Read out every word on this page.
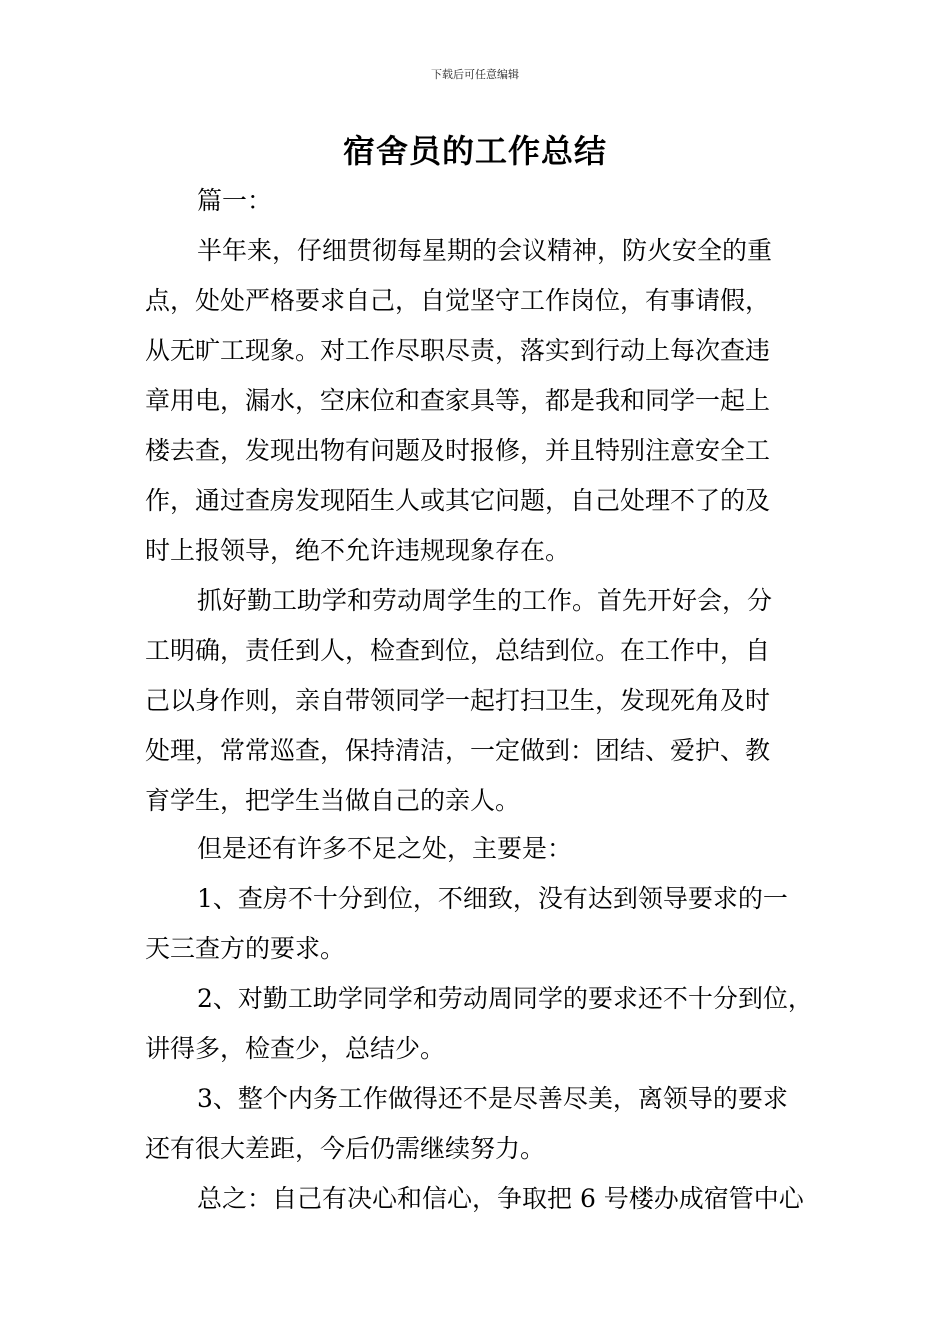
下载后可任意编辑
宿舍员的工作总结
篇一：
半年来，仔细贯彻每星期的会议精神，防火安全的重
点，处处严格要求自己，自觉坚守工作岗位，有事请假，
从无旷工现象。对工作尽职尽责，落实到行动上每次查违
章用电，漏水，空床位和查家具等，都是我和同学一起上
楼去查，发现出物有问题及时报修，并且特别注意安全工
作，通过查房发现陌生人或其它问题，自己处理不了的及
时上报领导，绝不允许违规现象存在。
抓好勤工助学和劳动周学生的工作。首先开好会，分
工明确，责任到人，检查到位，总结到位。在工作中，自
己以身作则，亲自带领同学一起打扫卫生，发现死角及时
处理，常常巡查，保持清洁，一定做到：团结、爱护、教
育学生，把学生当做自己的亲人。
但是还有许多不足之处，主要是：
1、查房不十分到位，不细致，没有达到领导要求的一
天三查方的要求。
2、对勤工助学同学和劳动周同学的要求还不十分到位，
讲得多，检查少，总结少。
3、整个内务工作做得还不是尽善尽美，离领导的要求
还有很大差距，今后仍需继续努力。
总之：自己有决心和信心，争取把 6 号楼办成宿管中心
